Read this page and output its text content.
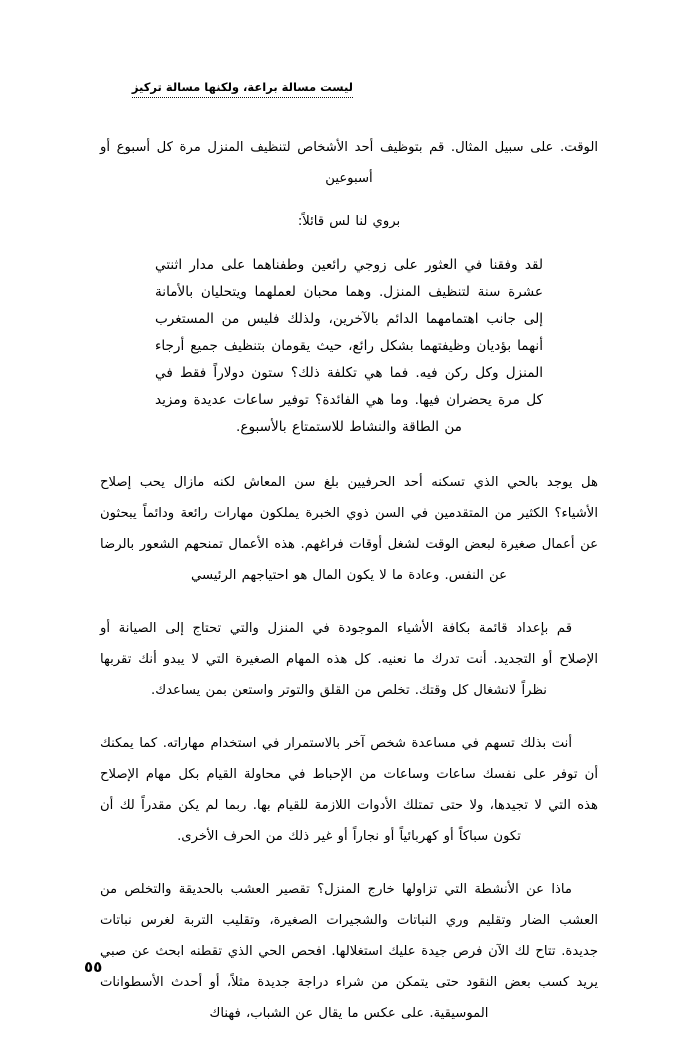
ليست مسالة براعة، ولكنها مسالة تركيز

الوقت. على سبيل المثال. قم بتوظيف أحد الأشخاص لتنظيف المنزل مرة كل أسبوع أو أسبوعين

بروي لنا لس قائلاً:

لقد وفقنا في العثور على زوجي رائعين وطفناهما على مدار اثنتي عشرة سنة لتنظيف المنزل. وهما محبان لعملهما ويتحليان بالأمانة إلى جانب اهتمامهما الدائم بالآخرين، ولذلك فليس من المستغرب أنهما بؤديان وظيفتهما بشكل رائع، حيث يقومان بتنظيف جميع أرجاء المنزل وكل ركن فيه. فما هي تكلفة ذلك؟ ستون دولاراً فقط في كل مرة يحضران فيها. وما هي الفائدة؟ توفير ساعات عديدة ومزيد من الطاقة والنشاط للاستمتاع بالأسبوع.

هل يوجد بالحي الذي تسكنه أحد الحرفيين بلغ سن المعاش لكنه مازال يحب إصلاح الأشياء؟ الكثير من المتقدمين في السن ذوي الخبرة يملكون مهارات رائعة ودائماً يبحثون عن أعمال صغيرة لبعض الوقت لشغل أوقات فراغهم. هذه الأعمال تمنحهم الشعور بالرضا عن النفس. وعادة ما لا يكون المال هو احتياجهم الرئيسي

قم بإعداد قائمة بكافة الأشياء الموجودة في المنزل والتي تحتاج إلى الصيانة أو الإصلاح أو التجديد. أنت تدرك ما نعنيه. كل هذه المهام الصغيرة التي لا يبدو أنك تقربها نظراً لانشغال كل وقتك. تخلص من القلق والتوتر واستعن بمن يساعدك.

أنت بذلك تسهم في مساعدة شخص آخر بالاستمرار في استخدام مهاراته. كما يمكنك أن توفر على نفسك ساعات وساعات من الإحباط في محاولة القيام بكل مهام الإصلاح هذه التي لا تجيدها، ولا حتى تمتلك الأدوات اللازمة للقيام بها. ربما لم يكن مقدراً لك أن تكون سباكاً أو كهربائياً أو نجاراً أو غير ذلك من الحرف الأخرى.

ماذا عن الأنشطة التي تزاولها خارج المنزل؟ تقصير العشب بالحديقة والتخلص من العشب الضار وتقليم وري النباتات والشجيرات الصغيرة، وتقليب التربة لغرس نباتات جديدة. تتاح لك الآن فرص جيدة عليك استغلالها. افحص الحي الذي تقطنه ابحث عن صبي يريد كسب بعض النقود حتى يتمكن من شراء دراجة جديدة مثلاً، أو أحدث الأسطوانات الموسيقية. على عكس ما يقال عن الشباب، فهناك

٥٥
